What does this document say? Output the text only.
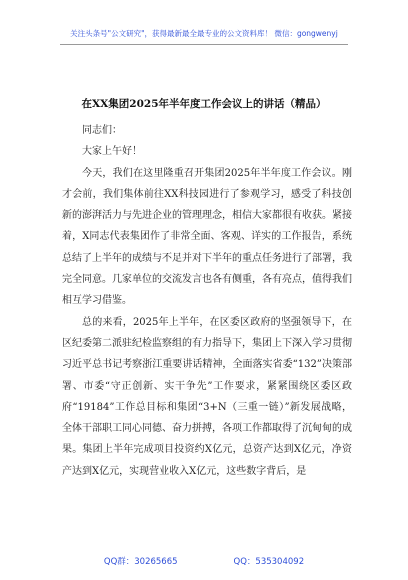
关注头条号"公文研究"，获得最新最全最专业的公文资料库！ 微信：gongwenyj
在XX集团2025年半年度工作会议上的讲话（精品）

同志们：

大家上午好！

今天，我们在这里隆重召开集团2025年半年度工作会议。刚才会前，我们集体前往XX科技园进行了参观学习，感受了科技创新的澎湃活力与先进企业的管理理念，相信大家都很有收获。紧接着，X同志代表集团作了非常全面、客观、详实的工作报告，系统总结了上半年的成绩与不足并对下半年的重点任务进行了部署，我完全同意。几家单位的交流发言也各有侧重，各有亮点，值得我们相互学习借鉴。

总的来看，2025年上半年，在区委区政府的坚强领导下，在区纪委第二派驻纪检监察组的有力指导下，集团上下深入学习贯彻习近平总书记考察浙江重要讲话精神，全面落实省委“132”决策部署、市委“守正创新、实干争先”工作要求，紧紧围绕区委区政府“19184”工作总目标和集团“3+N（三重一链）”新发展战略，全体干部职工同心同德、奋力拼搏，各项工作都取得了沉甸甸的成果。集团上半年完成项目投资约X亿元，总资产达到X亿元，净资产达到X亿元，实现营业收入X亿元，这些数字背后，是

QQ群：30265665	QQ：535304092
